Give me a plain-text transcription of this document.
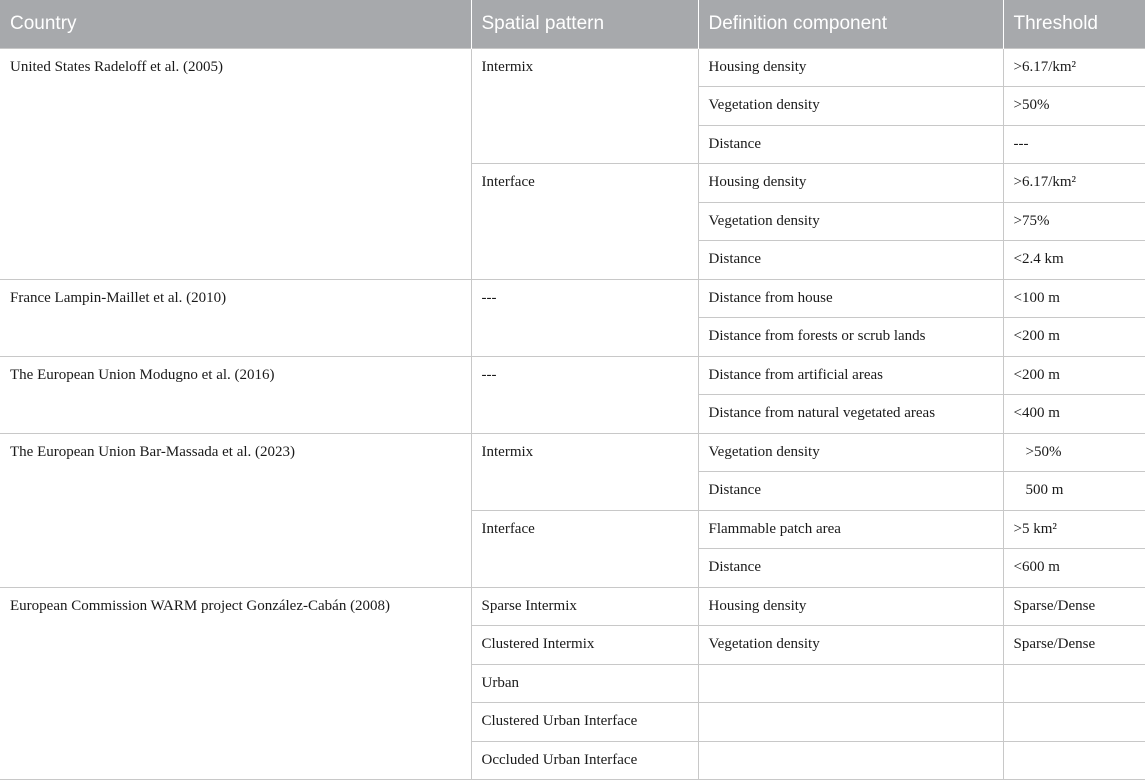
Country	Spatial pattern	Definition component	Threshold
United States Radeloff et al. (2005)	Intermix	Housing density	>6.17/km²
		Vegetation density	>50%
		Distance	---
	Interface	Housing density	>6.17/km²
		Vegetation density	>75%
		Distance	<2.4 km
France Lampin-Maillet et al. (2010)	---	Distance from house	<100 m
		Distance from forests or scrub lands	<200 m
The European Union Modugno et al. (2016)	---	Distance from artificial areas	<200 m
		Distance from natural vegetated areas	<400 m
The European Union Bar-Massada et al. (2023)	Intermix	Vegetation density	>50%
		Distance	500 m
	Interface	Flammable patch area	>5 km²
		Distance	<600 m
European Commission WARM project González-Cabán (2008)	Sparse Intermix	Housing density	Sparse/Dense
	Clustered Intermix	Vegetation density	Sparse/Dense
	Urban		
	Clustered Urban Interface		
	Occluded Urban Interface		
